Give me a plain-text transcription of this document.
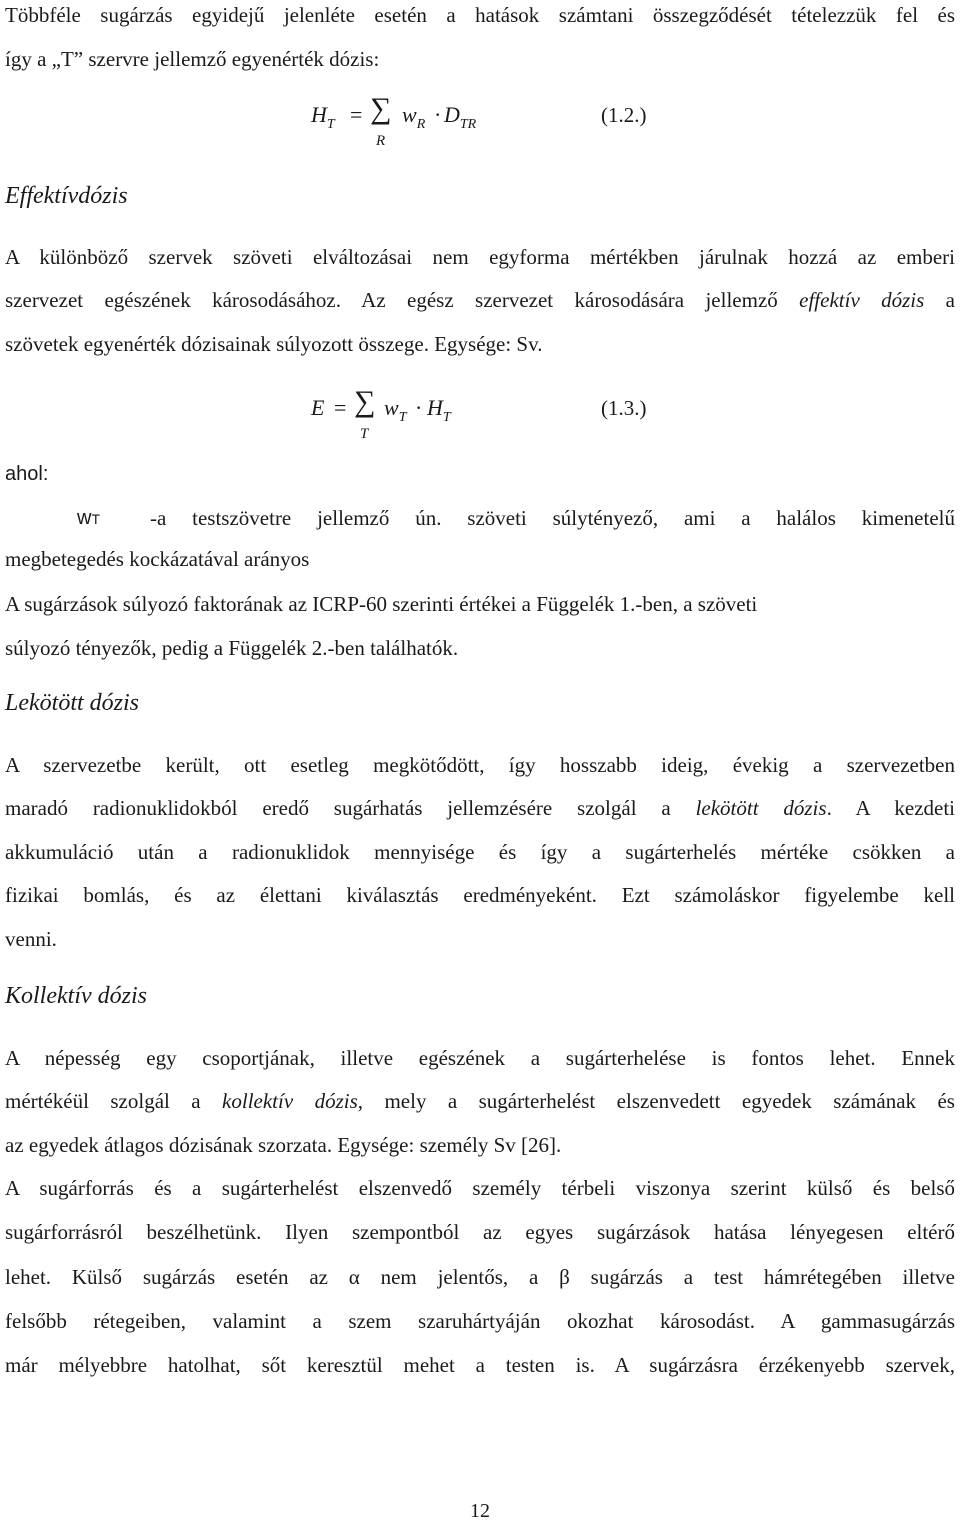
Többféle sugárzás egyidejű jelenléte esetén a hatások számtani összegződését tételezzük fel és
így a „T” szervre jellemző egyenérték dózis:
$H_T$ = ∑
R
$w_R \cdot D_{TR}$	(1.2.)
Effektívdózis
A különböző szervek szöveti elváltozásai nem egyforma mértékben járulnak hozzá az emberi
szervezet egészének károsodásához. Az egész szervezet károsodására jellemző effektív dózis a
szövetek egyenérték dózisainak súlyozott összege. Egysége: Sv.
E = ∑
T
$w_T \cdot H_T$	(1.3.)
ahol:
wT	-a testszövetre jellemző ún. szöveti súlytényező, ami a halálos kimenetelű
megbetegedés kockázatával arányos
A sugárzások súlyozó faktorának az ICRP-60 szerinti értékei a Függelék 1.-ben, a szöveti
súlyozó tényezők, pedig a Függelék 2.-ben találhatók.
Lekötött dózis
A szervezetbe került, ott esetleg megkötődött, így hosszabb ideig, évekig a szervezetben
maradó radionuklidokból eredő sugárhatás jellemzésére szolgál a lekötött dózis. A kezdeti
akkumuláció után a radionuklidok mennyisége és így a sugárterhelés mértéke csökken a
fizikai bomlás, és az élettani kiválasztás eredményeként. Ezt számoláskor figyelembe kell
venni.
Kollektív dózis
A népesség egy csoportjának, illetve egészének a sugárterhelése is fontos lehet. Ennek
mértékéül szolgál a kollektív dózis, mely a sugárterhelést elszenvedett egyedek számának és
az egyedek átlagos dózisának szorzata. Egysége: személy Sv [26].
A sugárforrás és a sugárterhelést elszenvedő személy térbeli viszonya szerint külső és belső
sugárforrásról beszélhetünk. Ilyen szempontból az egyes sugárzások hatása lényegesen eltérő
lehet. Külső sugárzás esetén az α nem jelentős, a β sugárzás a test hámrétegében illetve
felsőbb rétegeiben, valamint a szem szaruhártyáján okozhat károsodást. A gammasugárzás
már mélyebbre hatolhat, sőt keresztül mehet a testen is. A sugárzásra érzékenyebb szervek,
12
